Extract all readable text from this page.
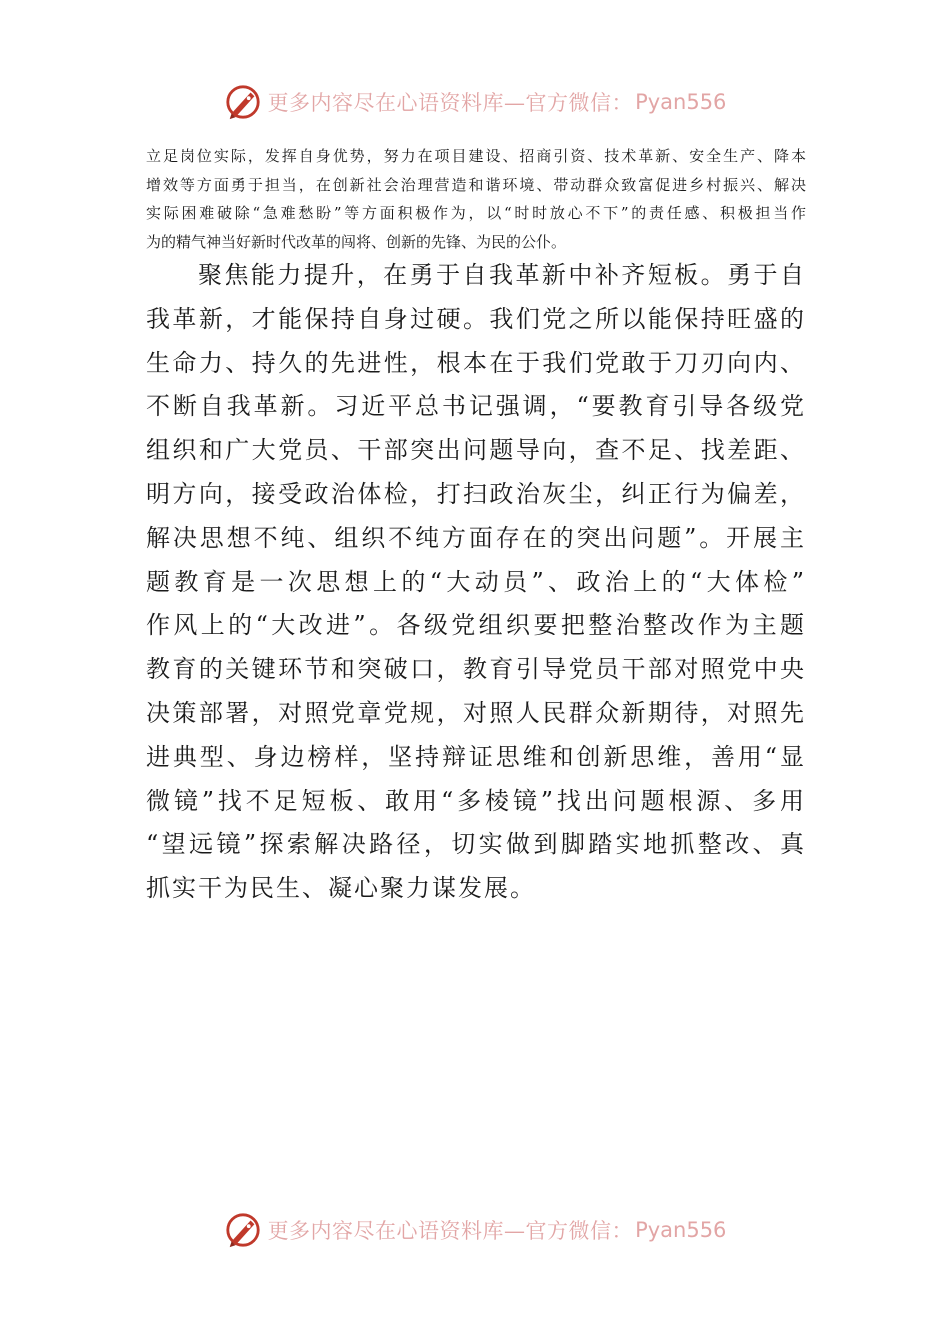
更多内容尽在心语资料库—官方微信： Pyan556
立足岗位实际，发挥自身优势，努力在项目建设、招商引资、技术革新、安全生产、降本
增效等方面勇于担当，在创新社会治理营造和谐环境、带动群众致富促进乡村振兴、解决
实际困难破除“急难愁盼”等方面积极作为，以“时时放心不下”的责任感、积极担当作
为的精气神当好新时代改革的闯将、创新的先锋、为民的公仆。
聚焦能力提升，在勇于自我革新中补齐短板。勇于自
我革新，才能保持自身过硬。我们党之所以能保持旺盛的
生命力、持久的先进性，根本在于我们党敢于刀刃向内、
不断自我革新。习近平总书记强调，“要教育引导各级党
组织和广大党员、干部突出问题导向，查不足、找差距、
明方向，接受政治体检，打扫政治灰尘，纠正行为偏差，
解决思想不纯、组织不纯方面存在的突出问题”。开展主
题教育是一次思想上的“大动员”、政治上的“大体检”
作风上的“大改进”。各级党组织要把整治整改作为主题
教育的关键环节和突破口，教育引导党员干部对照党中央
决策部署，对照党章党规，对照人民群众新期待，对照先
进典型、身边榜样，坚持辩证思维和创新思维，善用“显
微镜”找不足短板、敢用“多棱镜”找出问题根源、多用
“望远镜”探索解决路径，切实做到脚踏实地抓整改、真
抓实干为民生、凝心聚力谋发展。
更多内容尽在心语资料库—官方微信： Pyan556
